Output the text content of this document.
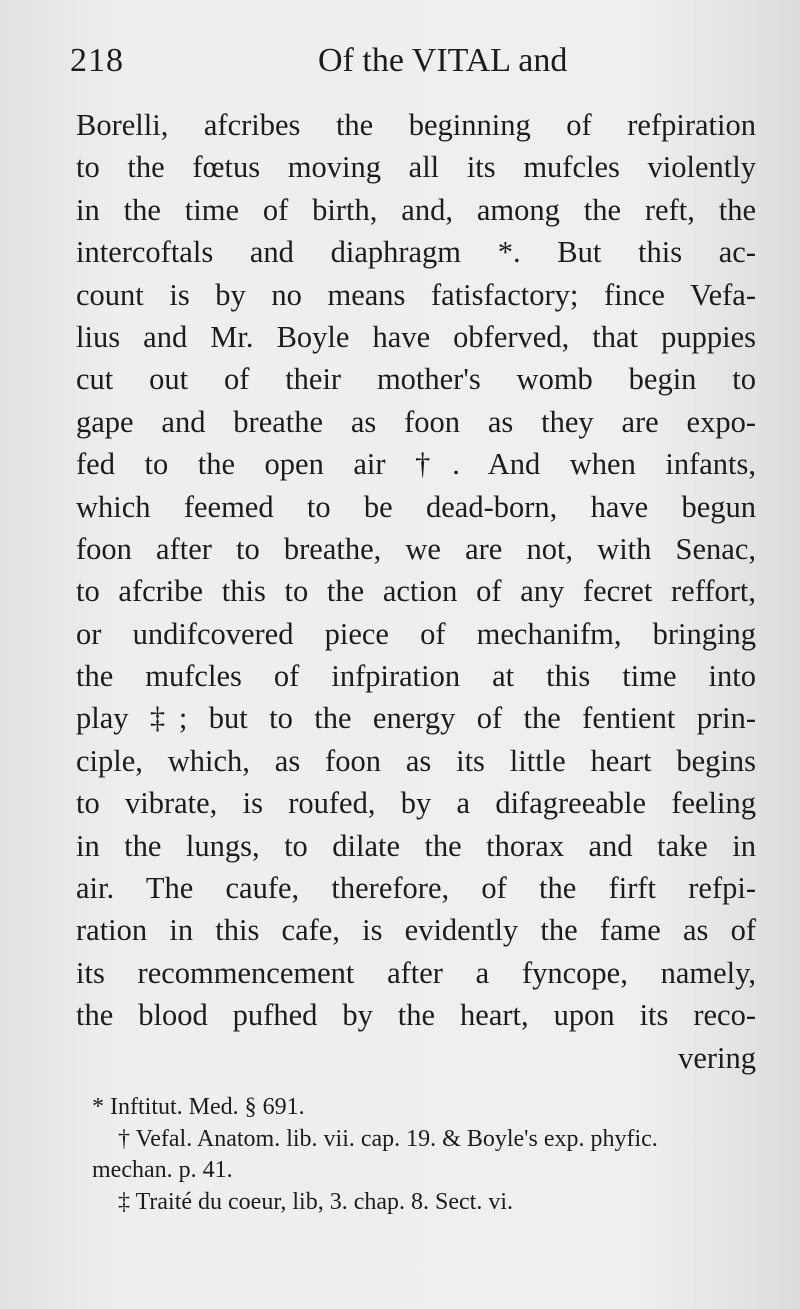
218	Of the VITAL and
Borelli, afcribes the beginning of refpiration
to the fœtus moving all its mufcles violently
in the time of birth, and, among the reft, the
intercoftals and diaphragm *. But this ac-
count is by no means fatisfactory; fince Vefa-
lius and Mr. Boyle have obferved, that puppies
cut out of their mother's womb begin to
gape and breathe as foon as they are expo-
fed to the open air †. And when infants,
which feemed to be dead-born, have begun
foon after to breathe, we are not, with Senac,
to afcribe this to the action of any fecret reffort,
or undifcovered piece of mechanifm, bringing
the mufcles of infpiration at this time into
play ‡; but to the energy of the fentient prin-
ciple, which, as foon as its little heart begins
to vibrate, is roufed, by a difagreeable feeling
in the lungs, to dilate the thorax and take in
air. The caufe, therefore, of the firft refpi-
ration in this cafe, is evidently the fame as of
its recommencement after a fyncope, namely,
the blood pufhed by the heart, upon its reco-
vering
* Inftitut. Med. § 691.
† Vefal. Anatom. lib. vii. cap. 19. & Boyle's exp. phyfic.
mechan. p. 41.
‡ Traité du coeur, lib, 3. chap. 8. Sect. vi.
